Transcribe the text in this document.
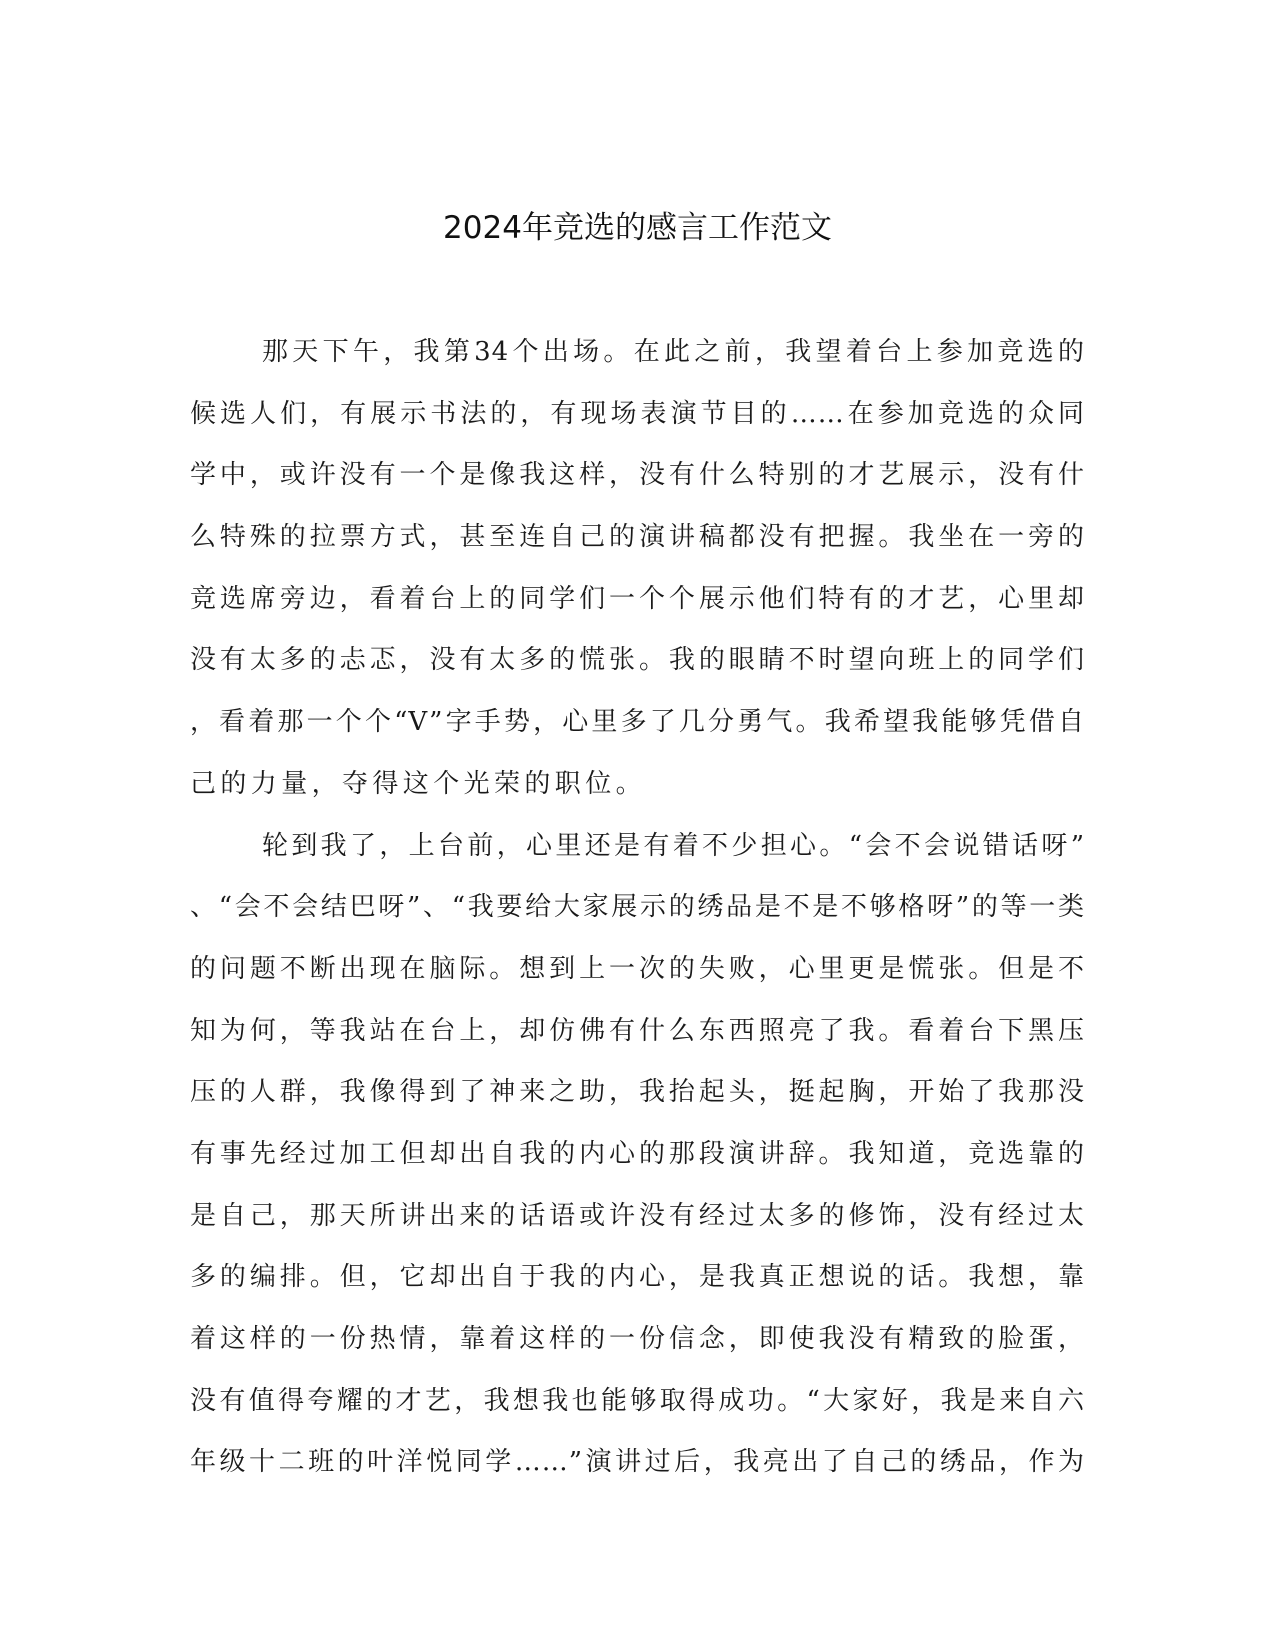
2024年竞选的感言工作范文
那天下午，我第34个出场。在此之前，我望着台上参加竞选的
候选人们，有展示书法的，有现场表演节目的……在参加竞选的众同
学中，或许没有一个是像我这样，没有什么特别的才艺展示，没有什
么特殊的拉票方式，甚至连自己的演讲稿都没有把握。我坐在一旁的
竞选席旁边，看着台上的同学们一个个展示他们特有的才艺，心里却
没有太多的忐忑，没有太多的慌张。我的眼睛不时望向班上的同学们
，看着那一个个“V”字手势，心里多了几分勇气。我希望我能够凭借自
己的力量，夺得这个光荣的职位。
轮到我了，上台前，心里还是有着不少担心。“会不会说错话呀”
、“会不会结巴呀”、“我要给大家展示的绣品是不是不够格呀”的等一类
的问题不断出现在脑际。想到上一次的失败，心里更是慌张。但是不
知为何，等我站在台上，却仿佛有什么东西照亮了我。看着台下黑压
压的人群，我像得到了神来之助，我抬起头，挺起胸，开始了我那没
有事先经过加工但却出自我的内心的那段演讲辞。我知道，竞选靠的
是自己，那天所讲出来的话语或许没有经过太多的修饰，没有经过太
多的编排。但，它却出自于我的内心，是我真正想说的话。我想，靠
着这样的一份热情，靠着这样的一份信念，即使我没有精致的脸蛋，
没有值得夸耀的才艺，我想我也能够取得成功。“大家好，我是来自六
年级十二班的叶洋悦同学……”演讲过后，我亮出了自己的绣品，作为
